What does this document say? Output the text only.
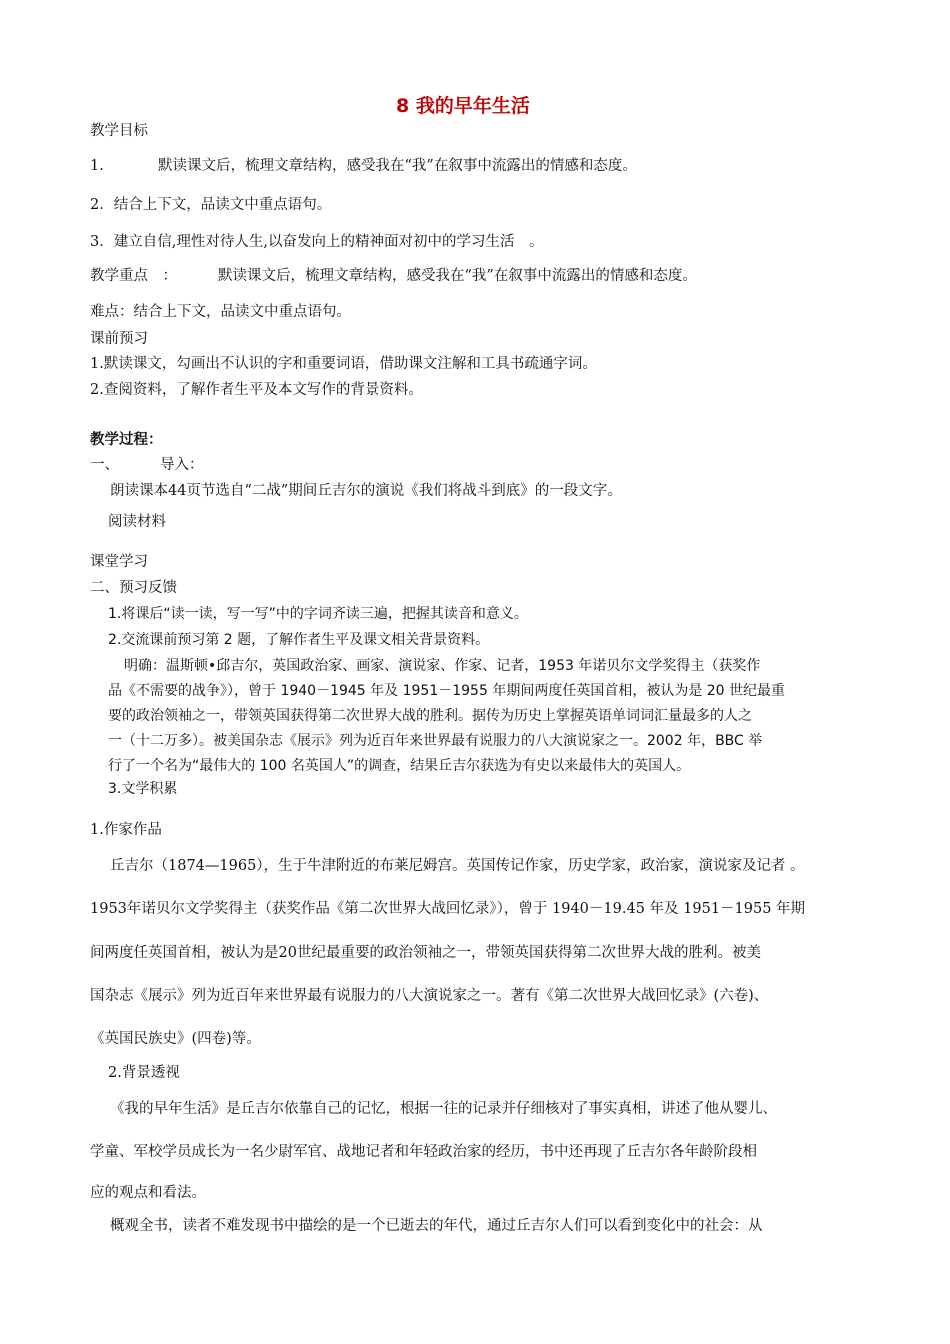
8 我的早年生活

教学目标

1.	默读课文后，梳理文章结构，感受我在“我”在叙事中流露出的情感和态度。

2．结合上下文，品读文中重点语句。

3．建立自信,理性对待人生,以奋发向上的精神面对初中的学习生活　。

教学重点　：	默读课文后，梳理文章结构，感受我在“我”在叙事中流露出的情感和态度。

难点：结合上下文，品读文中重点语句。

课前预习

1.默读课文，勾画出不认识的字和重要词语，借助课文注解和工具书疏通字词。

2.查阅资料，了解作者生平及本文写作的背景资料。

教学过程：

一、	导入：

朗读课本44页节选自“二战”期间丘吉尔的演说《我们将战斗到底》的一段文字。

阅读材料

课堂学习

二、预习反馈

1.将课后“读一读，写一写”中的字词齐读三遍，把握其读音和意义。

2.交流课前预习第 2 题，了解作者生平及课文相关背景资料。

明确：温斯顿•邱吉尔，英国政治家、画家、演说家、作家、记者，1953 年诺贝尔文学奖得主（获奖作

品《不需要的战争》），曾于 1940－1945 年及 1951－1955 年期间两度任英国首相，被认为是 20 世纪最重

要的政治领袖之一，带领英国获得第二次世界大战的胜利。据传为历史上掌握英语单词词汇量最多的人之

一（十二万多）。被美国杂志《展示》列为近百年来世界最有说服力的八大演说家之一。2002 年，BBC 举

行了一个名为“最伟大的 100 名英国人”的调查，结果丘吉尔获选为有史以来最伟大的英国人。

3.文学积累

1.作家作品

丘吉尔（1874—1965），生于牛津附近的布莱尼姆宫。英国传记作家，历史学家，政治家，演说家及记者 。

1953年诺贝尔文学奖得主（获奖作品《第二次世界大战回忆录》），曾于 1940－19.45 年及 1951－1955 年期

间两度任英国首相，被认为是20世纪最重要的政治领袖之一，带领英国获得第二次世界大战的胜利。被美

国杂志《展示》列为近百年来世界最有说服力的八大演说家之一。著有《第二次世界大战回忆录》(六卷)、

《英国民族史》(四卷)等。

2.背景透视

《我的早年生活》是丘吉尔依靠自己的记忆，根据一往的记录并仔细核对了事实真相，讲述了他从婴儿、

学童、军校学员成长为一名少尉军官、战地记者和年轻政治家的经历，书中还再现了丘吉尔各年龄阶段相

应的观点和看法。

概观全书，读者不难发现书中描绘的是一个已逝去的年代，通过丘吉尔人们可以看到变化中的社会：从
